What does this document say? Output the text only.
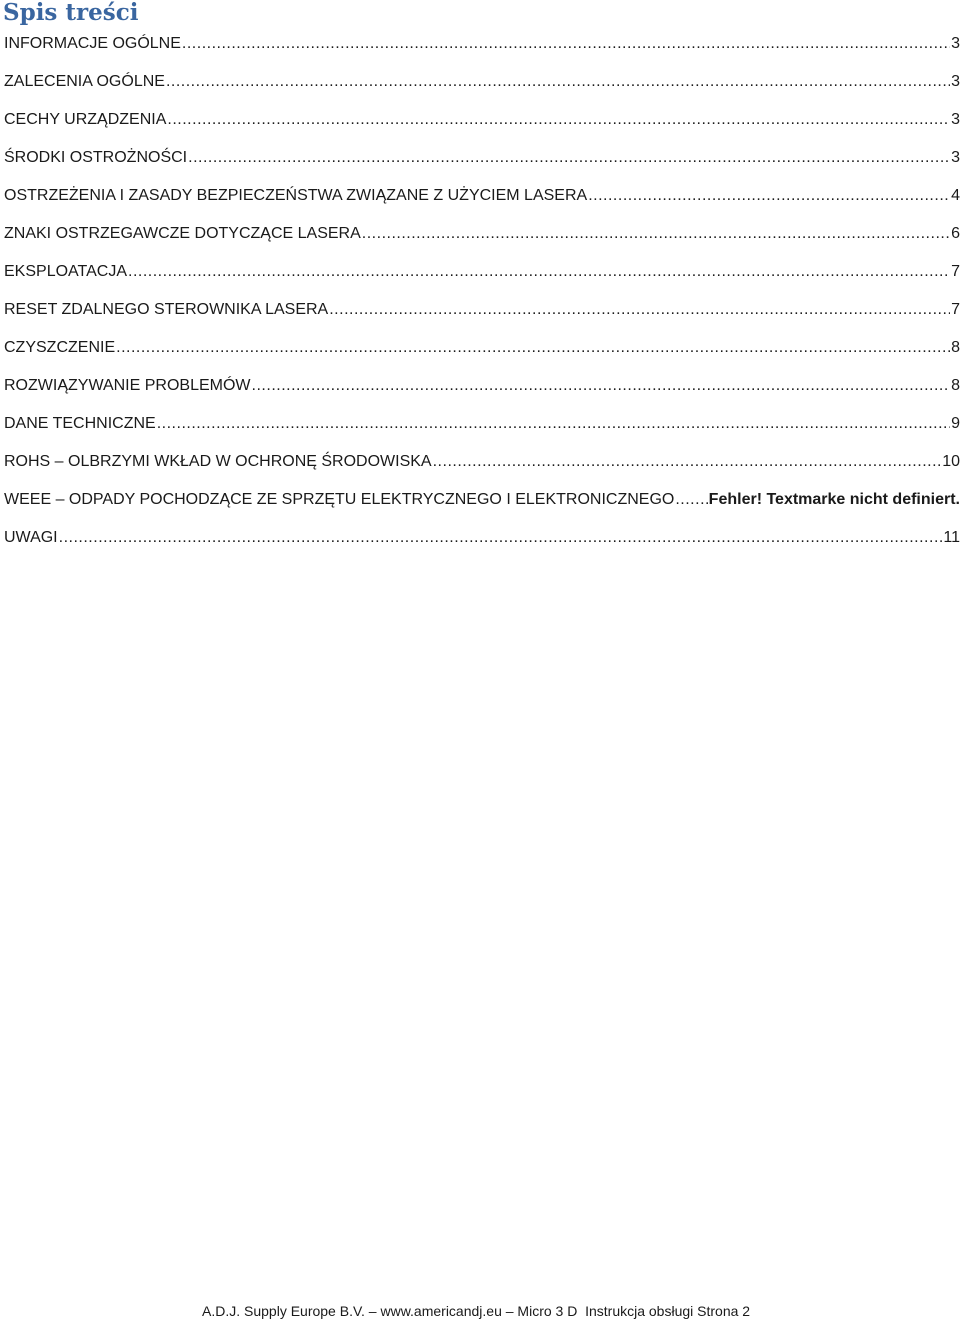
Spis treści
INFORMACJE OGÓLNE .....	3
ZALECENIA OGÓLNE .....	3
CECHY URZĄDZENIA .....	3
ŚRODKI OSTROŻNOŚCI .....	3
OSTRZEŻENIA I ZASADY BEZPIECZEŃSTWA ZWIĄZANE Z UŻYCIEM LASERA .....	4
ZNAKI OSTRZEGAWCZE DOTYCZĄCE LASERA .....	6
EKSPLOATACJA .....	7
RESET ZDALNEGO STEROWNIKA LASERA .....	7
CZYSZCZENIE .....	8
ROZWIĄZYWANIE PROBLEMÓW .....	8
DANE TECHNICZNE .....	9
ROHS – OLBRZYMI WKŁAD W OCHRONĘ ŚRODOWISKA .....	10
WEEE – ODPADY POCHODZĄCE ZE SPRZĘTU ELEKTRYCZNEGO I ELEKTRONICZNEGO ..... Fehler! Textmarke nicht definiert.
UWAGI .....	11
A.D.J. Supply Europe B.V. – www.americandj.eu – Micro 3 D  Instrukcja obsługi Strona 2
